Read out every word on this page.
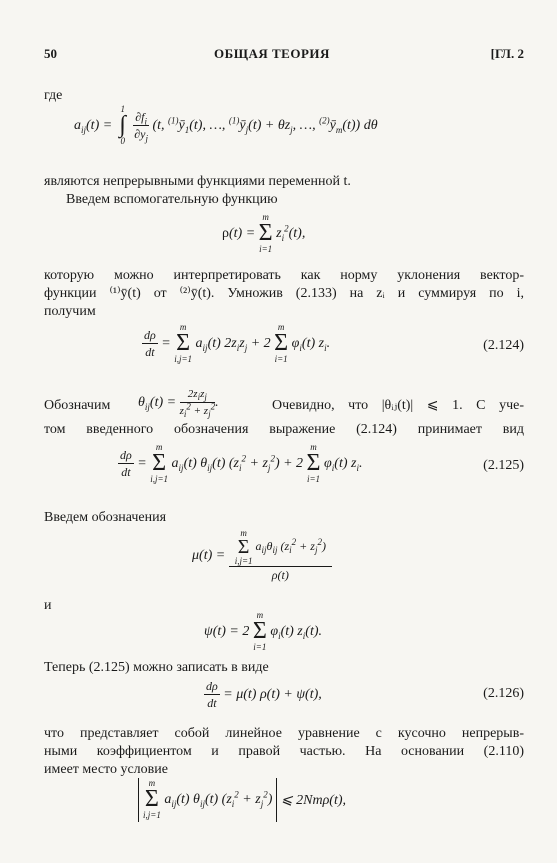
50	ОБЩАЯ ТЕОРИЯ	[ГЛ. 2
где
$a_{ij}(t)$ =
1
∫
0
$\frac{\partial f_i}{\partial y_j} (t$, $^{(1)}ȳ_1(t)$, …, $^{(1)}ȳ_j(t) + \theta z_j$, …, $^{(2)}ȳ_m(t)$) dθ
являются непрерывными функциями переменной t.
Введем вспомогательную функцию
ρ(t) =
m
Σ
i=1
$z_i^2(t)$,
которую можно интерпретировать как норму уклонения вектор-
функции ⁽¹⁾ȳ(t) от ⁽²⁾ȳ(t). Умножив (2.133) на zᵢ и суммируя по i,
получим
$\frac{d\rho}{dt}$ =
m
Σ
i,j=1
$a_{ij}(t) 2z_iz_j + 2$
m
Σ
i=1
$\varphi_i(t)$ $z_i$.	(2.124)
Обозначим $\theta_{ij}(t) = \frac{2z_iz_j}{z_i^2 + z_j^2}$ .	Очевидно, что |θᵢⱼ(t)| ⩽ 1. С уче-
том введенного обозначения выражение (2.124) принимает вид
$\frac{d\rho}{dt}$ =
m
Σ
i,j=1
$a_{ij}(t)$ $\theta_{ij}(t) (z_i^2 + z_j^2) + 2$
m
Σ
i=1
$\varphi_i(t)$ $z_i$.	(2.125)
Введем обозначения
μ(t) = m
Σ
i,j=1
$a_{ij}\theta_{ij}$ $(z_i^2 + z_j^2)$
ρ(t)
и
ψ(t) = 2
m
Σ
i=1
$\varphi_i(t)$ $z_i(t)$.
Теперь (2.125) можно записать в виде
$\frac{d\rho}{dt} = \mu(t) \rho(t) + \psi(t)$,	(2.126)
что представляет собой линейное уравнение с кусочно непрерыв-
ными коэффициентом и правой частью. На основании (2.110)
имеет место условие
m
Σ
i,j=1
$a_{ij}(t)$ $\theta_{ij}(t) (z_i^2 + z_j^2)$ ⩽ 2Nmρ(t),
